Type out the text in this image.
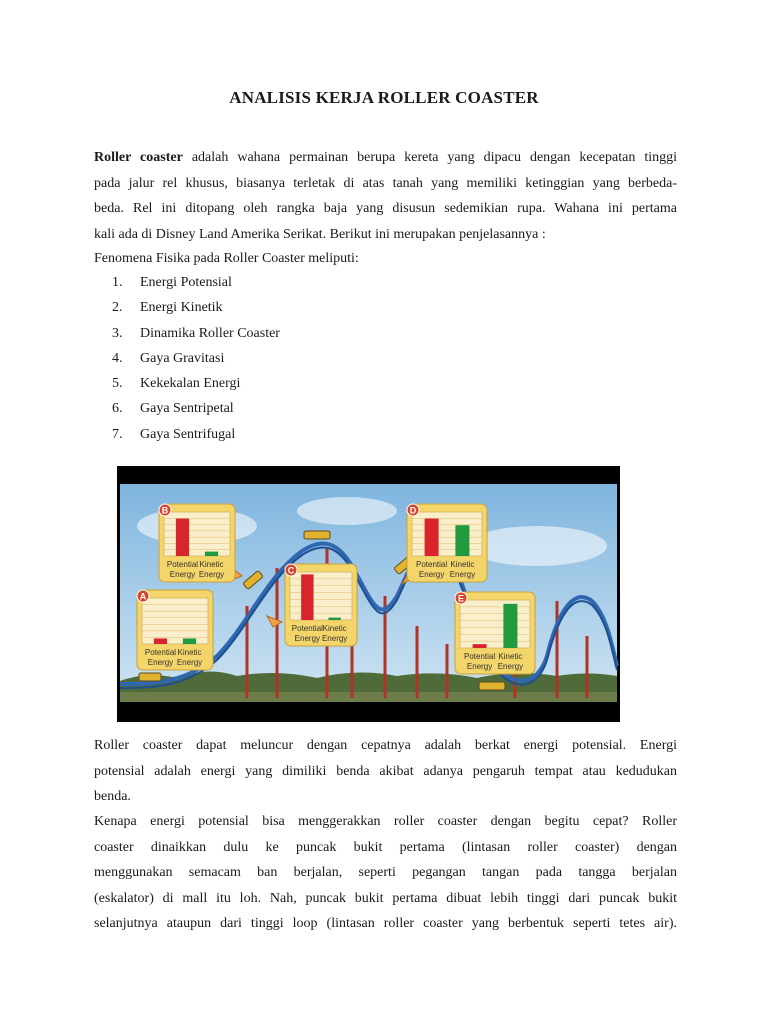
ANALISIS KERJA ROLLER COASTER
Roller coaster adalah wahana permainan berupa kereta yang dipacu dengan kecepatan tinggi
pada jalur rel khusus, biasanya terletak di atas tanah yang memiliki ketinggian yang berbeda-
beda. Rel ini ditopang oleh rangka baja yang disusun sedemikian rupa. Wahana ini pertama
kali ada di Disney Land Amerika Serikat. Berikut ini merupakan penjelasannya :
Fenomena Fisika pada Roller Coaster meliputi:
1.	Energi Potensial
2.	Energi Kinetik
3.	Dinamika Roller Coaster
4.	Gaya Gravitasi
5.	Kekekalan Energi
6.	Gaya Sentripetal
7.	Gaya Sentrifugal
A
Potential
Energy
Kinetic
Energy
B
Potential
Energy
Kinetic
Energy	C
Potential
Energy
Kinetic
Energy
D
Potential
Energy
Kinetic
Energy
E
Potential
Energy
Kinetic
Energy
Roller coaster dapat meluncur dengan cepatnya adalah berkat energi potensial. Energi
potensial adalah energi yang dimiliki benda akibat adanya pengaruh tempat atau kedudukan
benda.
Kenapa energi potensial bisa menggerakkan roller coaster dengan begitu cepat? Roller
coaster dinaikkan dulu ke puncak bukit pertama (lintasan roller coaster) dengan
menggunakan semacam ban berjalan, seperti pegangan tangan pada tangga berjalan
(eskalator) di mall itu loh. Nah, puncak bukit pertama dibuat lebih tinggi dari puncak bukit
selanjutnya ataupun dari tinggi loop (lintasan roller coaster yang berbentuk seperti tetes air).
